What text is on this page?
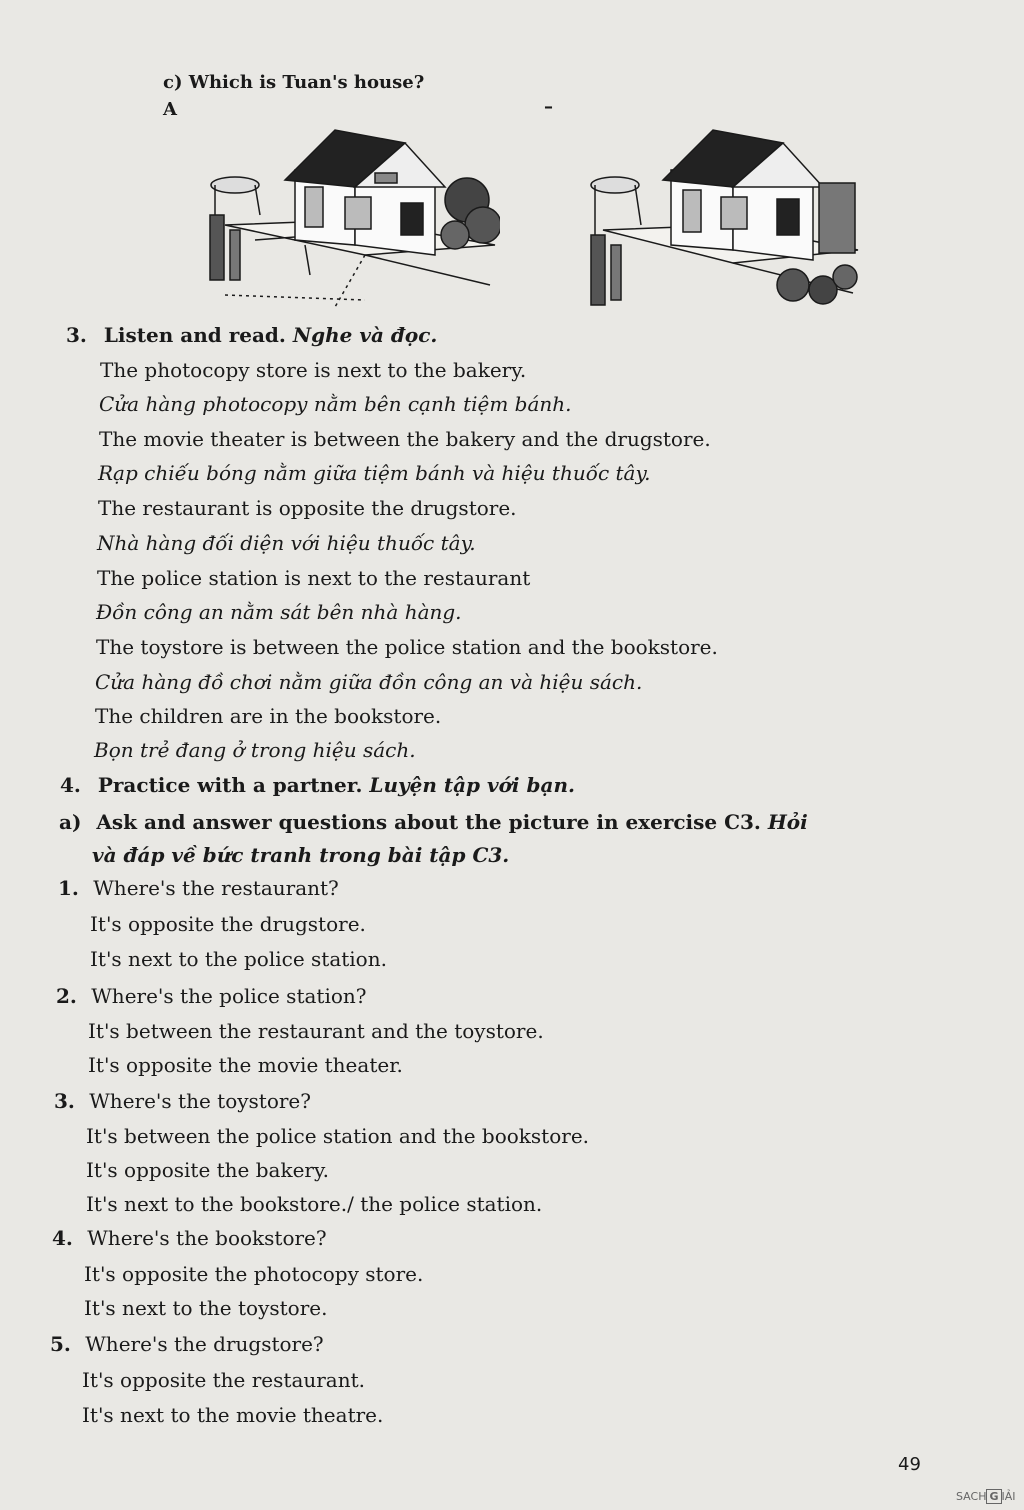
c) Which is Tuan's house?
A	–
3. Listen and read. Nghe và đọc.
The photocopy store is next to the bakery.
Cửa hàng photocopy nằm bên cạnh tiệm bánh.
The movie theater is between the bakery and the drugstore.
Rạp chiếu bóng nằm giữa tiệm bánh và hiệu thuốc tây.
The restaurant is opposite the drugstore.
Nhà hàng đối diện với hiệu thuốc tây.
The police station is next to the restaurant
Đồn công an nằm sát bên nhà hàng.
The toystore is between the police station and the bookstore.
Cửa hàng đồ chơi nằm giữa đồn công an và hiệu sách.
The children are in the bookstore.
Bọn trẻ đang ở trong hiệu sách.
4. Practice with a partner. Luyện tập với bạn.
a) Ask and answer questions about the picture in exercise C3. Hỏi
và đáp về bức tranh trong bài tập C3.
1. Where's the restaurant?
It's opposite the drugstore.
It's next to the police station.
2. Where's the police station?
It's between the restaurant and the toystore.
It's opposite the movie theater.
3. Where's the toystore?
It's between the police station and the bookstore.
It's opposite the bakery.
It's next to the bookstore./ the police station.
4. Where's the bookstore?
It's opposite the photocopy store.
It's next to the toystore.
5. Where's the drugstore?
It's opposite the restaurant.
It's next to the movie theatre.
49
SACH G IẢI
